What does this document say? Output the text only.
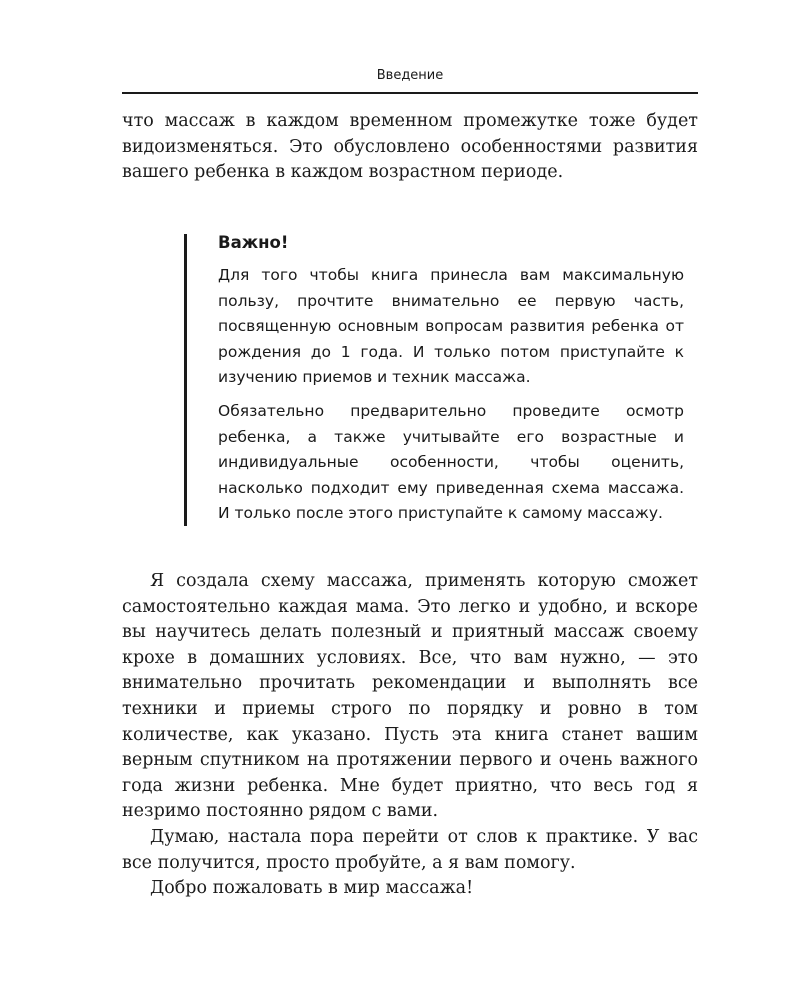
Введение

что массаж в каждом временном промежутке тоже будет видоизменяться. Это обусловлено особенностями развития вашего ребенка в каждом возрастном периоде.

Важно!

Для того чтобы книга принесла вам максимальную пользу, прочтите внимательно ее первую часть, посвященную основным вопросам развития ребенка от рождения до 1 года. И только потом приступайте к изучению приемов и техник массажа.

Обязательно предварительно проведите осмотр ребенка, а также учитывайте его возрастные и индивидуальные особенности, чтобы оценить, насколько подходит ему приведенная схема массажа. И только после этого приступайте к самому массажу.

Я создала схему массажа, применять которую сможет самостоятельно каждая мама. Это легко и удобно, и вскоре вы научитесь делать полезный и приятный массаж своему крохе в домашних условиях. Все, что вам нужно, — это внимательно прочитать рекомендации и выполнять все техники и приемы строго по порядку и ровно в том количестве, как указано. Пусть эта книга станет вашим верным спутником на протяжении первого и очень важного года жизни ребенка. Мне будет приятно, что весь год я незримо постоянно рядом с вами.

Думаю, настала пора перейти от слов к практике. У вас все получится, просто пробуйте, а я вам помогу.

Добро пожаловать в мир массажа!
